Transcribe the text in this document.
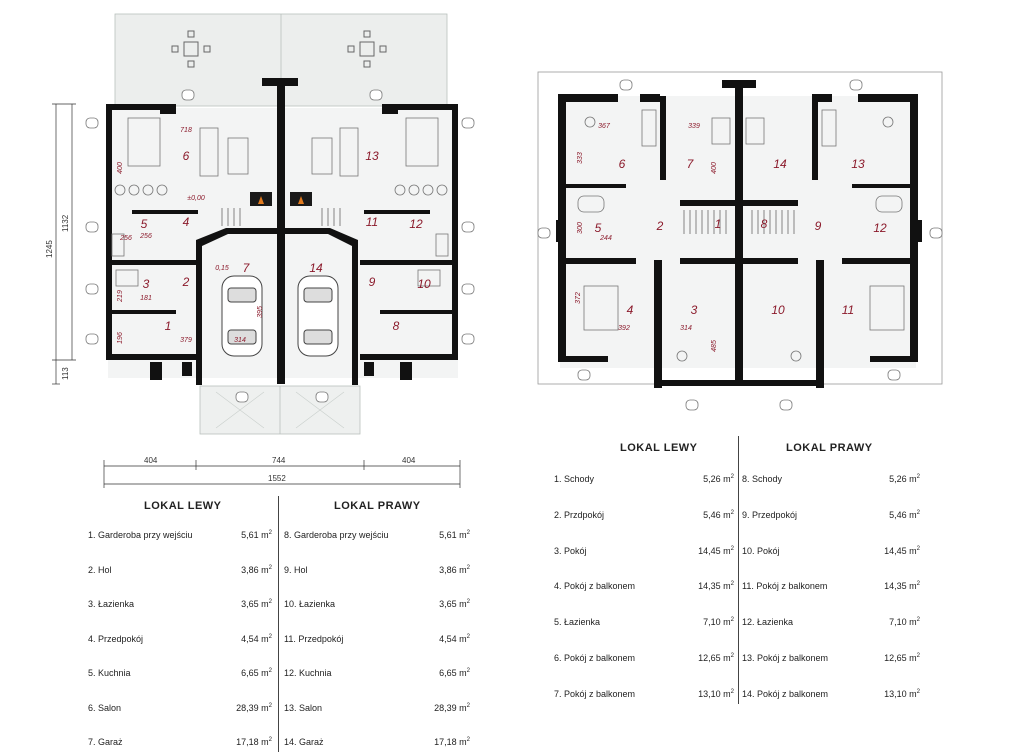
1245
1132
113
404	744	404
1552
1
2
3
4
5
6
7
8
9	10
11	12
13
14
718
400
256
219 181
196	379	314
395
0,15
±0,00
256
1
2
3
4
5
6	7
8	9
10	11
12
13
14
367	339
333
400
300
244
372
392	314
485
LOKAL LEWY	LOKAL PRAWY
1. Garderoba przy wejściu	5,61 $m^2$
2. Hol	3,86 $m^2$
3. Łazienka	3,65 $m^2$
4. Przedpokój	4,54 $m^2$
5. Kuchnia	6,65 $m^2$
6. Salon	28,39 $m^2$
7. Garaż	17,18 $m^2$
8. Garderoba przy wejściu	5,61 $m^2$
9. Hol	3,86 $m^2$
10. Łazienka	3,65 $m^2$
11. Przedpokój	4,54 $m^2$
12. Kuchnia	6,65 $m^2$
13. Salon	28,39 $m^2$
14. Garaż	17,18 $m^2$
LOKAL LEWY	LOKAL PRAWY
1. Schody	5,26 $m^2$
2. Przdpokój	5,46 $m^2$
3. Pokój	14,45 $m^2$
4. Pokój z balkonem	14,35 $m^2$
5. Łazienka	7,10 $m^2$
6. Pokój z balkonem	12,65 $m^2$
7. Pokój z balkonem	13,10 $m^2$
8. Schody	5,26 $m^2$
9. Przedpokój	5,46 $m^2$
10. Pokój	14,45 $m^2$
11. Pokój z balkonem	14,35 $m^2$
12. Łazienka	7,10 $m^2$
13. Pokój z balkonem	12,65 $m^2$
14. Pokój z balkonem	13,10 $m^2$
